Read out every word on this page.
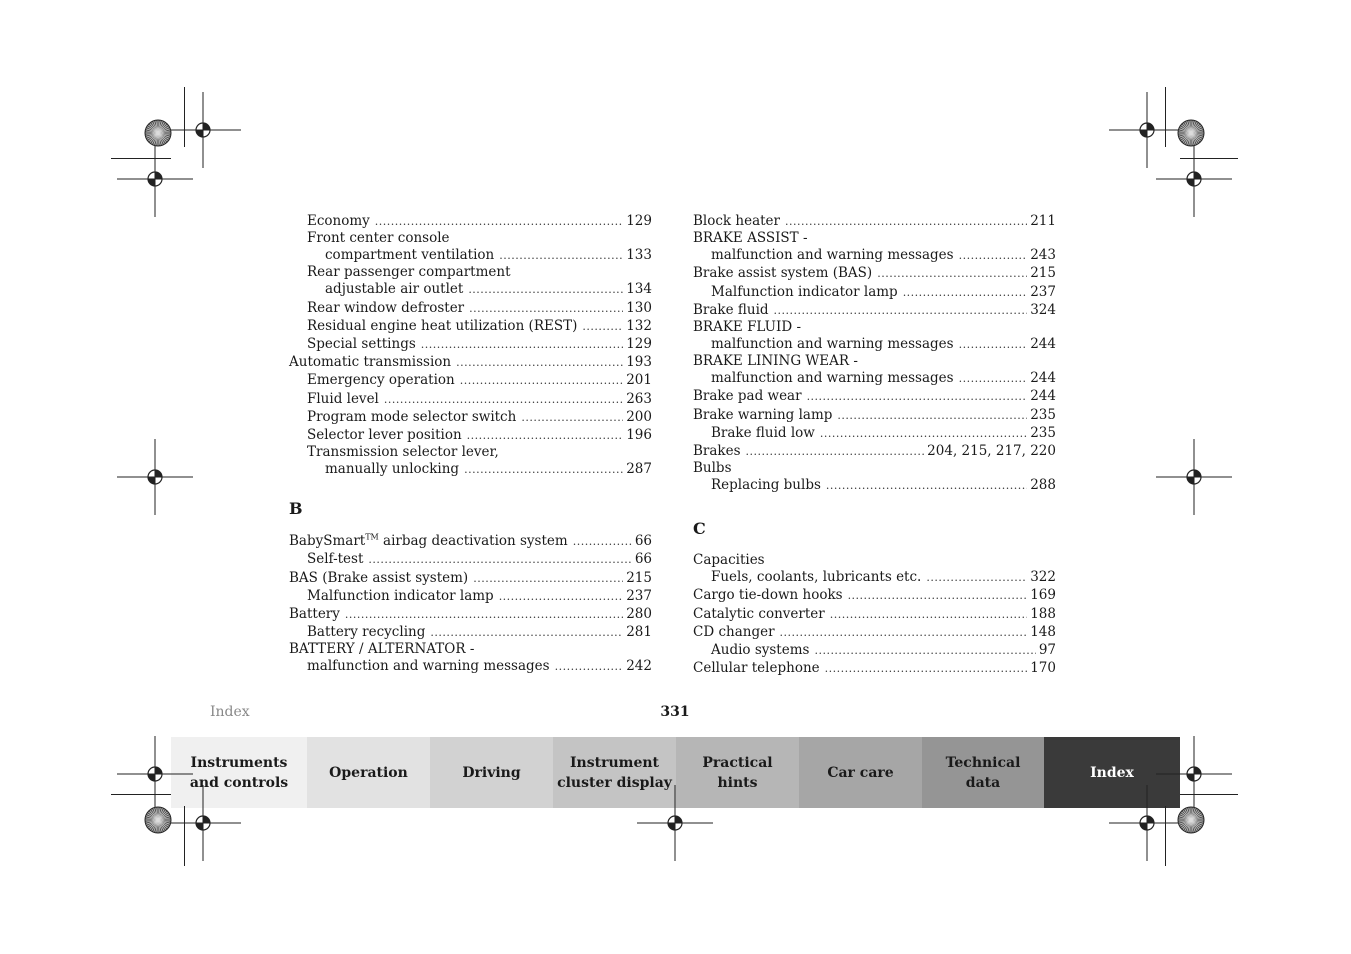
Economy .....	129
Front center console
compartment ventilation .....	133
Rear passenger compartment
adjustable air outlet .....	134
Rear window defroster .....	130
Residual engine heat utilization (REST) .....	132
Special settings .....	129
Automatic transmission .....	193
Emergency operation .....	201
Fluid level .....	263
Program mode selector switch .....	200
Selector lever position .....	196
Transmission selector lever,
manually unlocking .....	287
B
BabySmart™ airbag deactivation system .....	66
Self-test .....	66
BAS (Brake assist system) .....	215
Malfunction indicator lamp .....	237
Battery .....	280
Battery recycling .....	281
BATTERY / ALTERNATOR -
malfunction and warning messages .....	242
Block heater .....	211
BRAKE ASSIST -
malfunction and warning messages .....	243
Brake assist system (BAS) .....	215
Malfunction indicator lamp .....	237
Brake fluid .....	324
BRAKE FLUID -
malfunction and warning messages .....	244
BRAKE LINING WEAR -
malfunction and warning messages .....	244
Brake pad wear .....	244
Brake warning lamp .....	235
Brake fluid low .....	235
Brakes .....	204, 215, 217, 220
Bulbs
Replacing bulbs .....	288
C
Capacities
Fuels, coolants, lubricants etc. .....	322
Cargo tie-down hooks .....	169
Catalytic converter .....	188
CD changer .....	148
Audio systems .....	97
Cellular telephone .....	170
Index	331
Instruments
and controls
Operation	Driving
Instrument
cluster display
Practical hints
Car care
Technical
data
Index
